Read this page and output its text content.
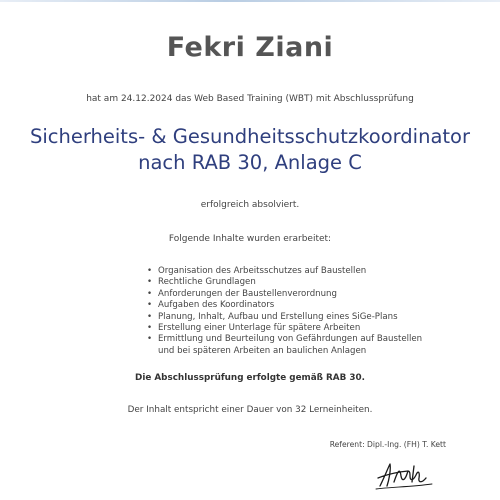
Fekri Ziani
hat am 24.12.2024 das Web Based Training (WBT) mit Abschlussprüfung
Sicherheits- & Gesundheitsschutzkoordinator
nach RAB 30, Anlage C
erfolgreich absolviert.
Folgende Inhalte wurden erarbeitet:
• Organisation des Arbeitsschutzes auf Baustellen
• Rechtliche Grundlagen
• Anforderungen der Baustellenverordnung
• Aufgaben des Koordinators
• Planung, Inhalt, Aufbau und Erstellung eines SiGe-Plans
• Erstellung einer Unterlage für spätere Arbeiten
• Ermittlung und Beurteilung von Gefährdungen auf Baustellen
und bei späteren Arbeiten an baulichen Anlagen
Die Abschlussprüfung erfolgte gemäß RAB 30.
Der Inhalt entspricht einer Dauer von 32 Lerneinheiten.
Referent: Dipl.-Ing. (FH) T. Kett
